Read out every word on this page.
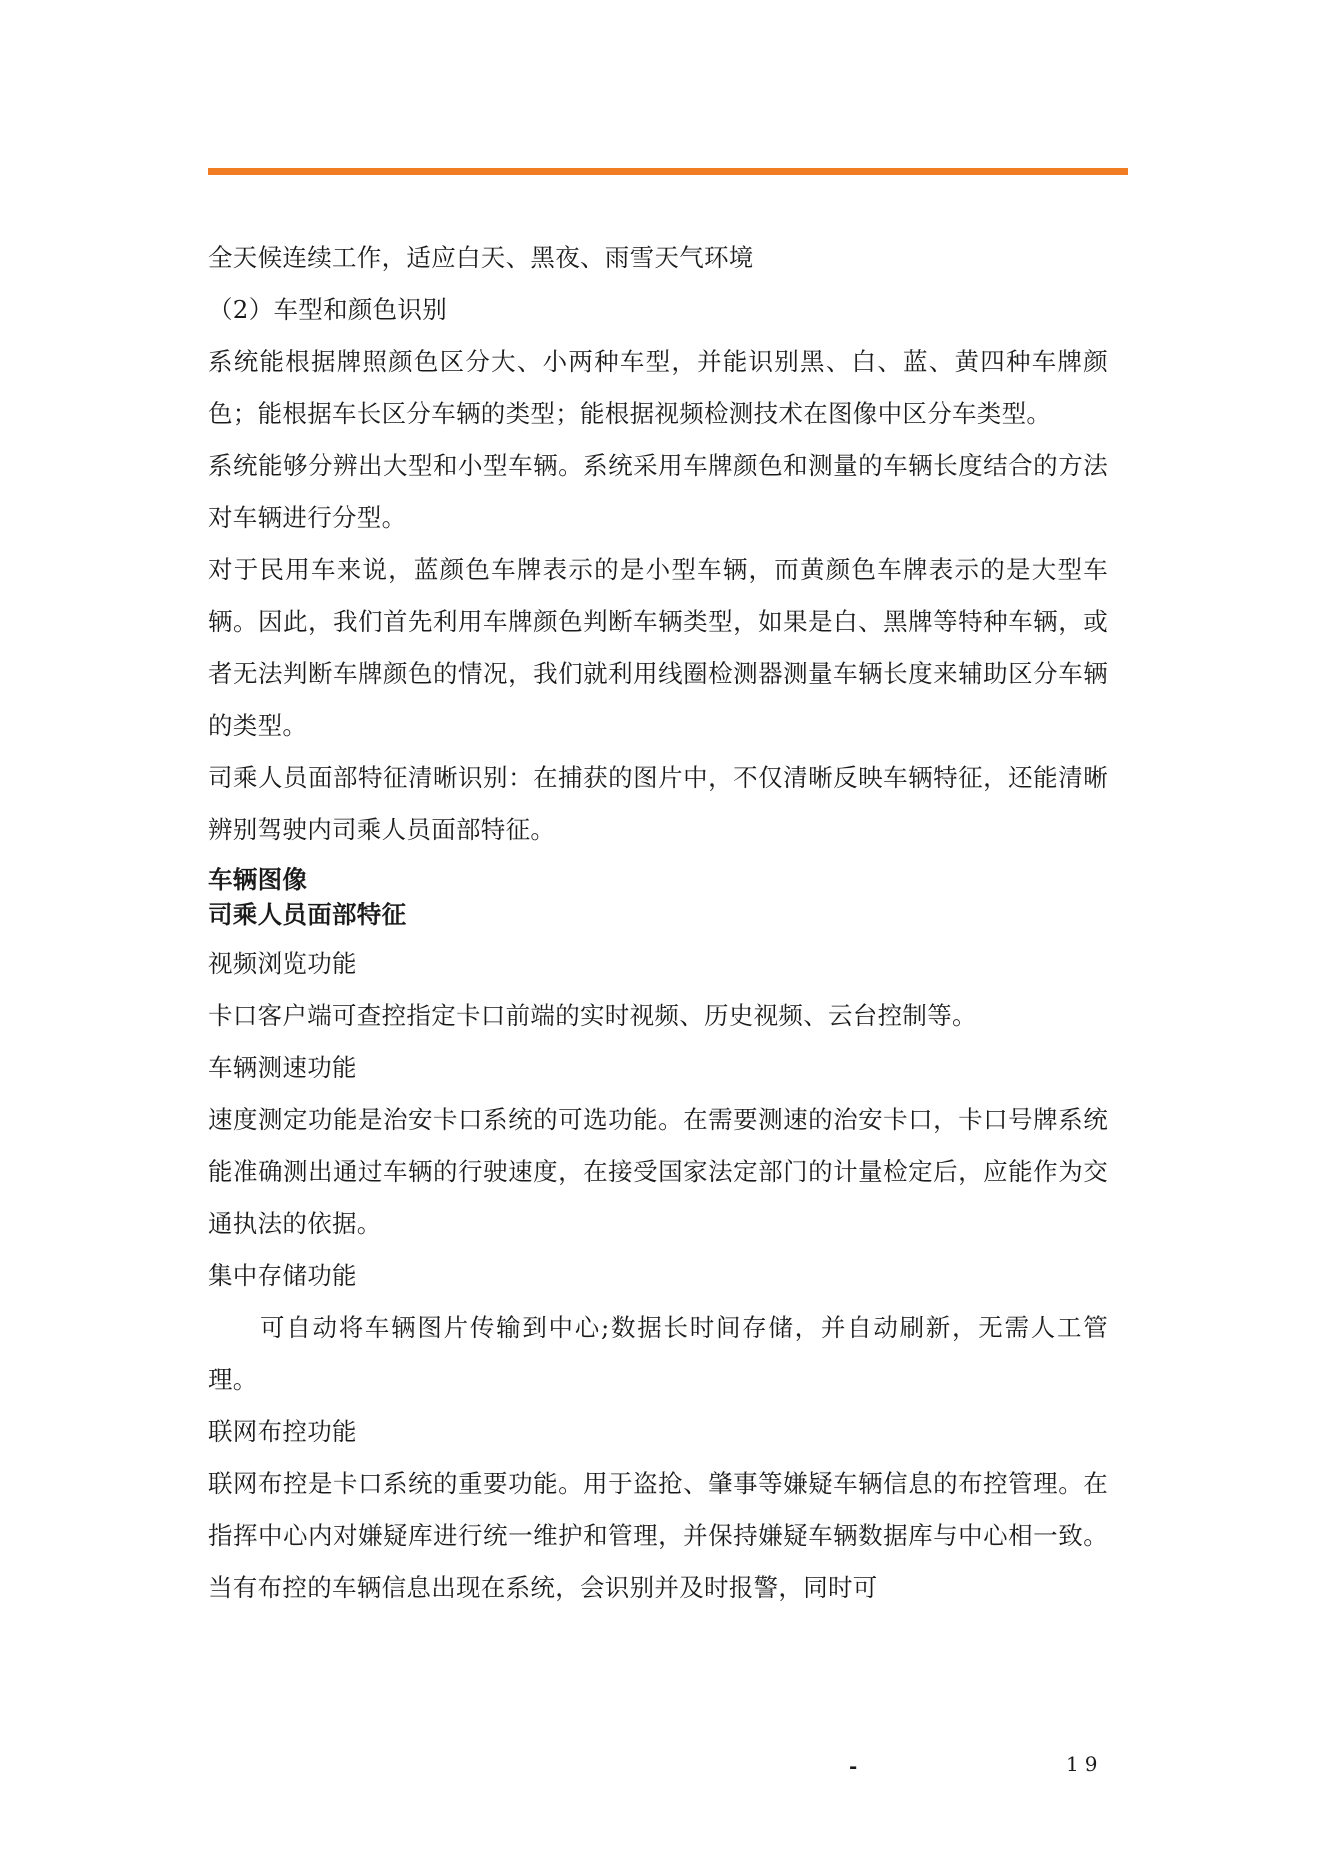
全天候连续工作，适应白天、黑夜、雨雪天气环境

（2）车型和颜色识别

系统能根据牌照颜色区分大、小两种车型，并能识别黑、白、蓝、黄四种车牌颜色；能根据车长区分车辆的类型；能根据视频检测技术在图像中区分车类型。

系统能够分辨出大型和小型车辆。系统采用车牌颜色和测量的车辆长度结合的方法对车辆进行分型。

对于民用车来说，蓝颜色车牌表示的是小型车辆，而黄颜色车牌表示的是大型车辆。因此，我们首先利用车牌颜色判断车辆类型，如果是白、黑牌等特种车辆，或者无法判断车牌颜色的情况，我们就利用线圈检测器测量车辆长度来辅助区分车辆的类型。

司乘人员面部特征清晰识别：在捕获的图片中，不仅清晰反映车辆特征，还能清晰辨别驾驶内司乘人员面部特征。

车辆图像
司乘人员面部特征

视频浏览功能

卡口客户端可查控指定卡口前端的实时视频、历史视频、云台控制等。

车辆测速功能

速度测定功能是治安卡口系统的可选功能。在需要测速的治安卡口，卡口号牌系统能准确测出通过车辆的行驶速度，在接受国家法定部门的计量检定后，应能作为交通执法的依据。

集中存储功能

可自动将车辆图片传输到中心;数据长时间存储，并自动刷新，无需人工管理。

联网布控功能

联网布控是卡口系统的重要功能。用于盗抢、肇事等嫌疑车辆信息的布控管理。在指挥中心内对嫌疑库进行统一维护和管理，并保持嫌疑车辆数据库与中心相一致。当有布控的车辆信息出现在系统，会识别并及时报警，同时可

-	19
